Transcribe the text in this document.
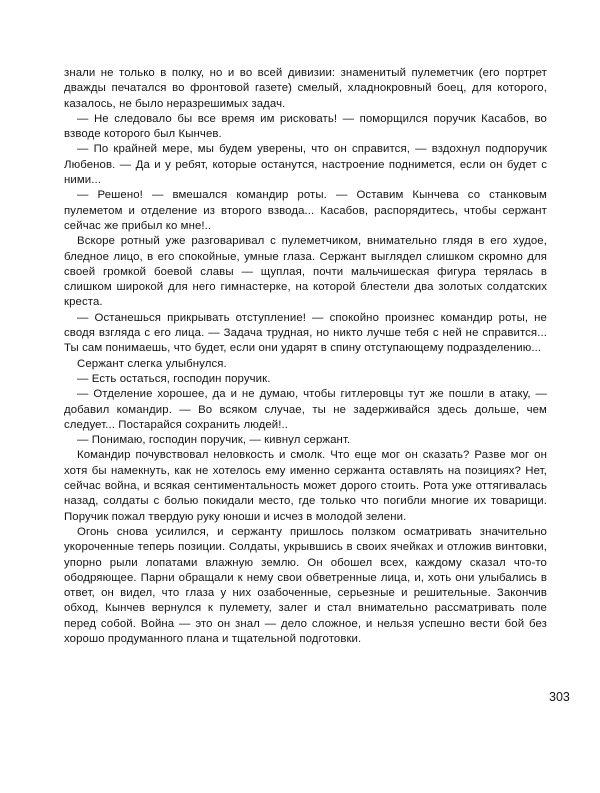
знали не только в полку, но и во всей дивизии: знаменитый пулеметчик (его портрет дважды печатался во фронтовой газете) смелый, хладнокровный боец, для которого, казалось, не было неразрешимых задач.

— Не следовало бы все время им рисковать! — поморщился поручик Касабов, во взводе которого был Кынчев.

— По крайней мере, мы будем уверены, что он справится, — вздохнул подпоручик Любенов. — Да и у ребят, которые останутся, настроение поднимется, если он будет с ними...

— Решено! — вмешался командир роты. — Оставим Кынчева со станковым пулеметом и отделение из второго взвода... Касабов, распорядитесь, чтобы сержант сейчас же прибыл ко мне!..

Вскоре ротный уже разговаривал с пулеметчиком, внимательно глядя в его худое, бледное лицо, в его спокойные, умные глаза. Сержант выглядел слишком скромно для своей громкой боевой славы — щуплая, почти мальчишеская фигура терялась в слишком широкой для него гимнастерке, на которой блестели два золотых солдатских креста.

— Останешься прикрывать отступление! — спокойно произнес командир роты, не сводя взгляда с его лица. — Задача трудная, но никто лучше тебя с ней не справится... Ты сам понимаешь, что будет, если они ударят в спину отступающему подразделению...

Сержант слегка улыбнулся.

— Есть остаться, господин поручик.

— Отделение хорошее, да и не думаю, чтобы гитлеровцы тут же пошли в атаку, — добавил командир. — Во всяком случае, ты не задерживайся здесь дольше, чем следует... Постарайся сохранить людей!..

— Понимаю, господин поручик, — кивнул сержант.

Командир почувствовал неловкость и смолк. Что еще мог он сказать? Разве мог он хотя бы намекнуть, как не хотелось ему именно сержанта оставлять на позициях? Нет, сейчас война, и всякая сентиментальность может дорого стоить. Рота уже оттягивалась назад, солдаты с болью покидали место, где только что погибли многие их товарищи. Поручик пожал твердую руку юноши и исчез в молодой зелени.

Огонь снова усилился, и сержанту пришлось ползком осматривать значительно укороченные теперь позиции. Солдаты, укрывшись в своих ячейках и отложив винтовки, упорно рыли лопатами влажную землю. Он обошел всех, каждому сказал что-то ободряющее. Парни обращали к нему свои обветренные лица, и, хоть они улыбались в ответ, он видел, что глаза у них озабоченные, серьезные и решительные. Закончив обход, Кынчев вернулся к пулемету, залег и стал внимательно рассматривать поле перед собой. Война — это он знал — дело сложное, и нельзя успешно вести бой без хорошо продуманного плана и тщательной подготовки.

303
